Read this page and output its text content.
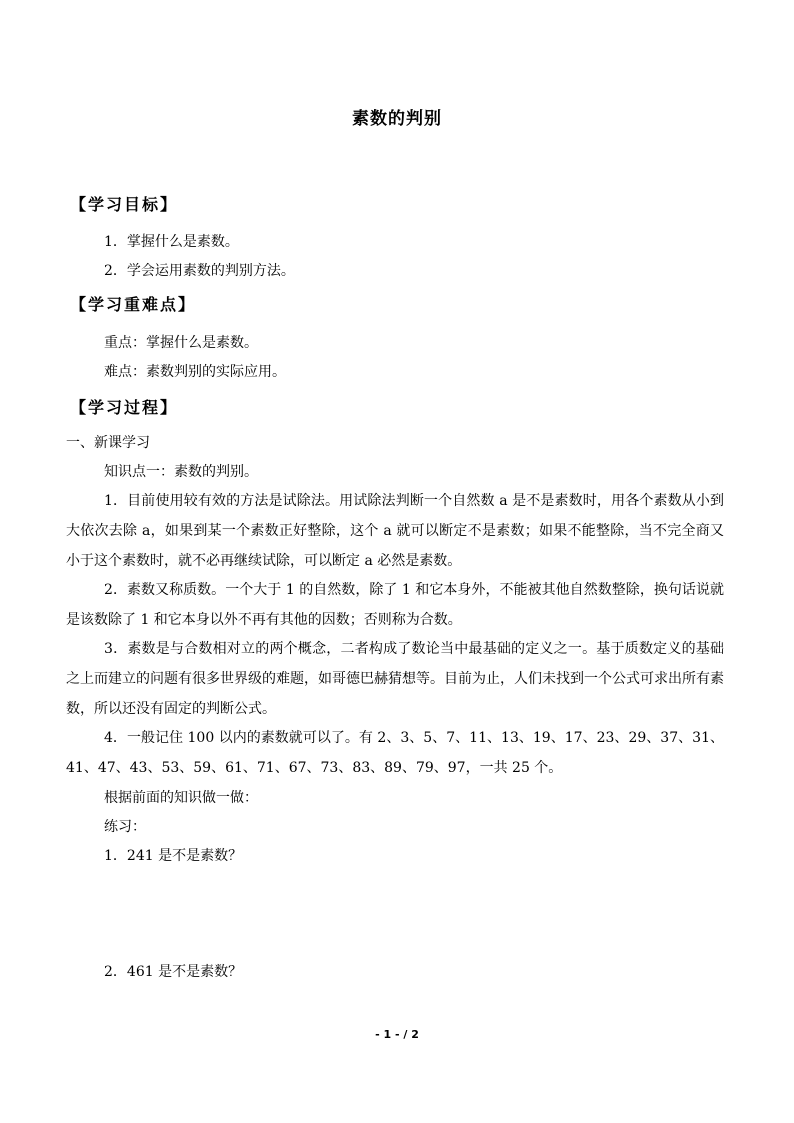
素数的判别
【学习目标】
1．掌握什么是素数。
2．学会运用素数的判别方法。
【学习重难点】
重点：掌握什么是素数。
难点：素数判别的实际应用。
【学习过程】
一、新课学习
知识点一：素数的判别。

1．目前使用较有效的方法是试除法。用试除法判断一个自然数 a 是不是素数时，用各个素数从小到大依次去除 a，如果到某一个素数正好整除，这个 a 就可以断定不是素数；如果不能整除，当不完全商又小于这个素数时，就不必再继续试除，可以断定 a 必然是素数。

2．素数又称质数。一个大于 1 的自然数，除了 1 和它本身外，不能被其他自然数整除，换句话说就是该数除了 1 和它本身以外不再有其他的因数；否则称为合数。

3．素数是与合数相对立的两个概念，二者构成了数论当中最基础的定义之一。基于质数定义的基础之上而建立的问题有很多世界级的难题，如哥德巴赫猜想等。目前为止，人们未找到一个公式可求出所有素数，所以还没有固定的判断公式。

4．一般记住 100 以内的素数就可以了。有 2、3、5、7、11、13、19、17、23、29、37、31、41、47、43、53、59、61、71、67、73、83、89、79、97，一共 25 个。

根据前面的知识做一做：
练习：
1．241 是不是素数？
2．461 是不是素数？
- 1 - / 2
